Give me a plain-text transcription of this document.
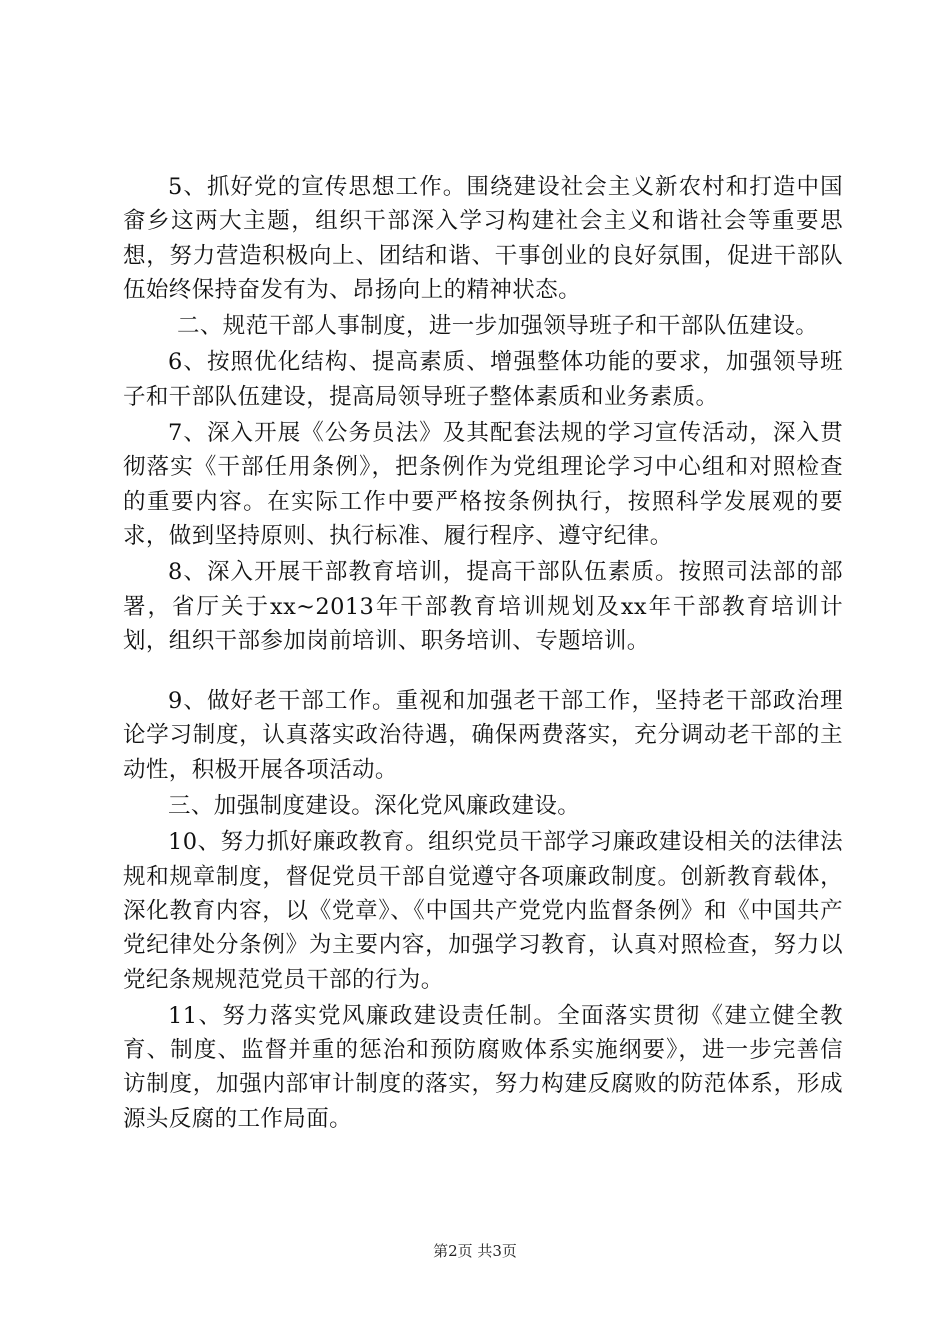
5、抓好党的宣传思想工作。围绕建设社会主义新农村和打造中国畲乡这两大主题，组织干部深入学习构建社会主义和谐社会等重要思想，努力营造积极向上、团结和谐、干事创业的良好氛围，促进干部队伍始终保持奋发有为、昂扬向上的精神状态。

二、规范干部人事制度，进一步加强领导班子和干部队伍建设。

6、按照优化结构、提高素质、增强整体功能的要求，加强领导班子和干部队伍建设，提高局领导班子整体素质和业务素质。

7、深入开展《公务员法》及其配套法规的学习宣传活动，深入贯彻落实《干部任用条例》，把条例作为党组理论学习中心组和对照检查的重要内容。在实际工作中要严格按条例执行，按照科学发展观的要求，做到坚持原则、执行标准、履行程序、遵守纪律。

8、深入开展干部教育培训，提高干部队伍素质。按照司法部的部署，省厅关于xx~2013年干部教育培训规划及xx年干部教育培训计划，组织干部参加岗前培训、职务培训、专题培训。

9、做好老干部工作。重视和加强老干部工作，坚持老干部政治理论学习制度，认真落实政治待遇，确保两费落实，充分调动老干部的主动性，积极开展各项活动。

三、加强制度建设。深化党风廉政建设。

10、努力抓好廉政教育。组织党员干部学习廉政建设相关的法律法规和规章制度，督促党员干部自觉遵守各项廉政制度。创新教育载体，深化教育内容，以《党章》、《中国共产党党内监督条例》和《中国共产党纪律处分条例》为主要内容，加强学习教育，认真对照检查，努力以党纪条规规范党员干部的行为。

11、努力落实党风廉政建设责任制。全面落实贯彻《建立健全教育、制度、监督并重的惩治和预防腐败体系实施纲要》，进一步完善信访制度，加强内部审计制度的落实，努力构建反腐败的防范体系，形成源头反腐的工作局面。

第2页 共3页
